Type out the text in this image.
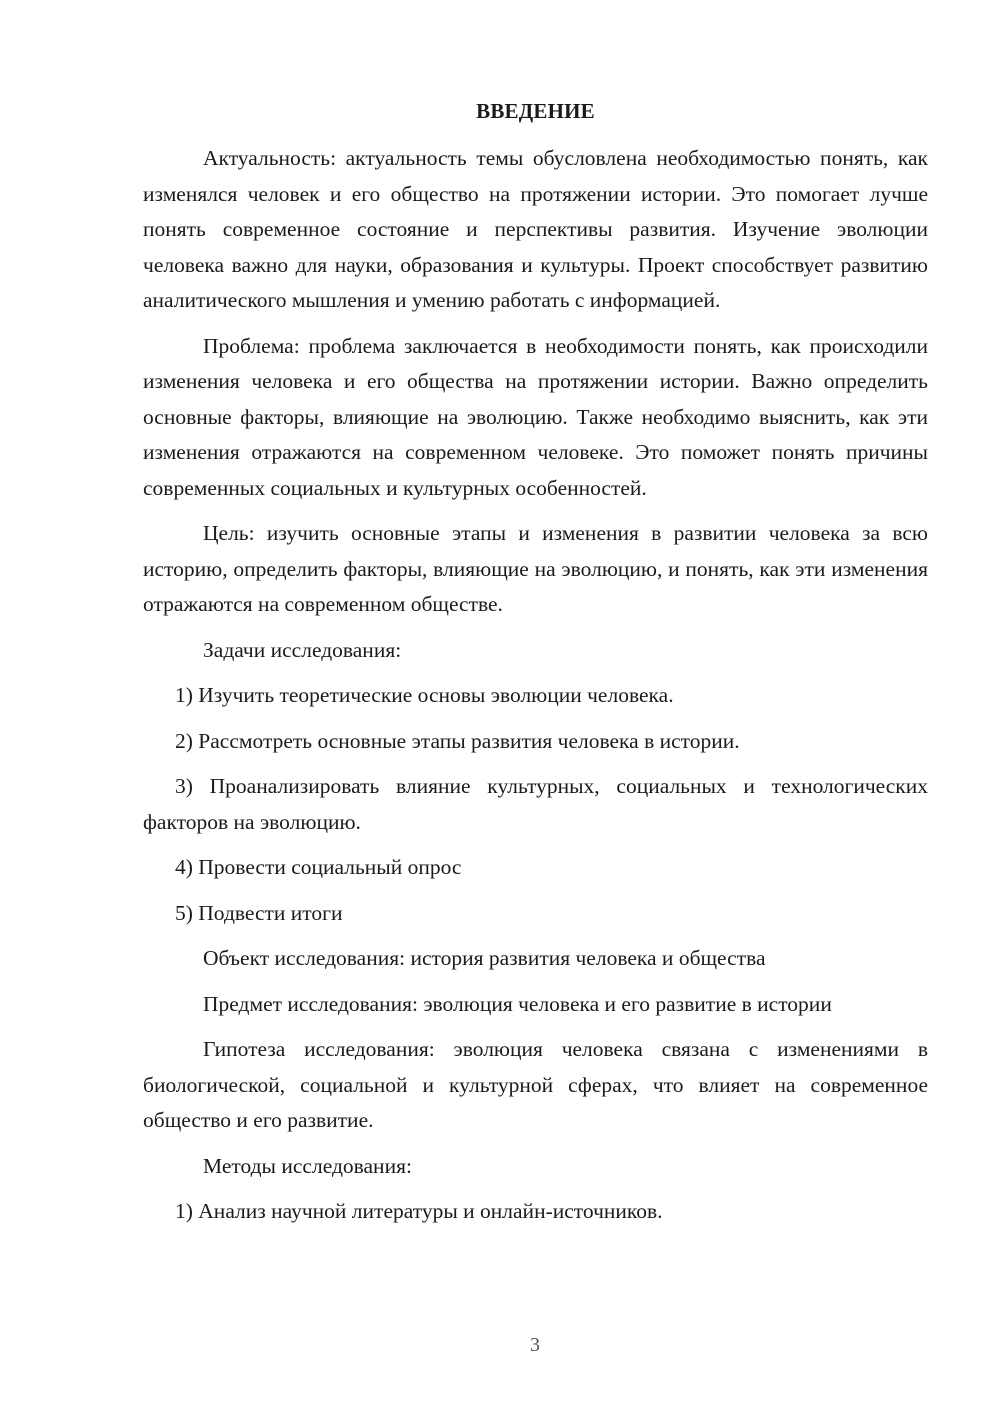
ВВЕДЕНИЕ

Актуальность: актуальность темы обусловлена необходимостью понять, как изменялся человек и его общество на протяжении истории. Это помогает лучше понять современное состояние и перспективы развития. Изучение эволюции человека важно для науки, образования и культуры. Проект способствует развитию аналитического мышления и умению работать с информацией.

Проблема: проблема заключается в необходимости понять, как происходили изменения человека и его общества на протяжении истории. Важно определить основные факторы, влияющие на эволюцию. Также необходимо выяснить, как эти изменения отражаются на современном человеке. Это поможет понять причины современных социальных и культурных особенностей.

Цель: изучить основные этапы и изменения в развитии человека за всю историю, определить факторы, влияющие на эволюцию, и понять, как эти изменения отражаются на современном обществе.

Задачи исследования:

1) Изучить теоретические основы эволюции человека.

2) Рассмотреть основные этапы развития человека в истории.

3) Проанализировать влияние культурных, социальных и технологических факторов на эволюцию.

4) Провести социальный опрос

5) Подвести итоги

Объект исследования: история развития человека и общества

Предмет исследования: эволюция человека и его развитие в истории

Гипотеза исследования: эволюция человека связана с изменениями в биологической, социальной и культурной сферах, что влияет на современное общество и его развитие.

Методы исследования:

1) Анализ научной литературы и онлайн-источников.

3
